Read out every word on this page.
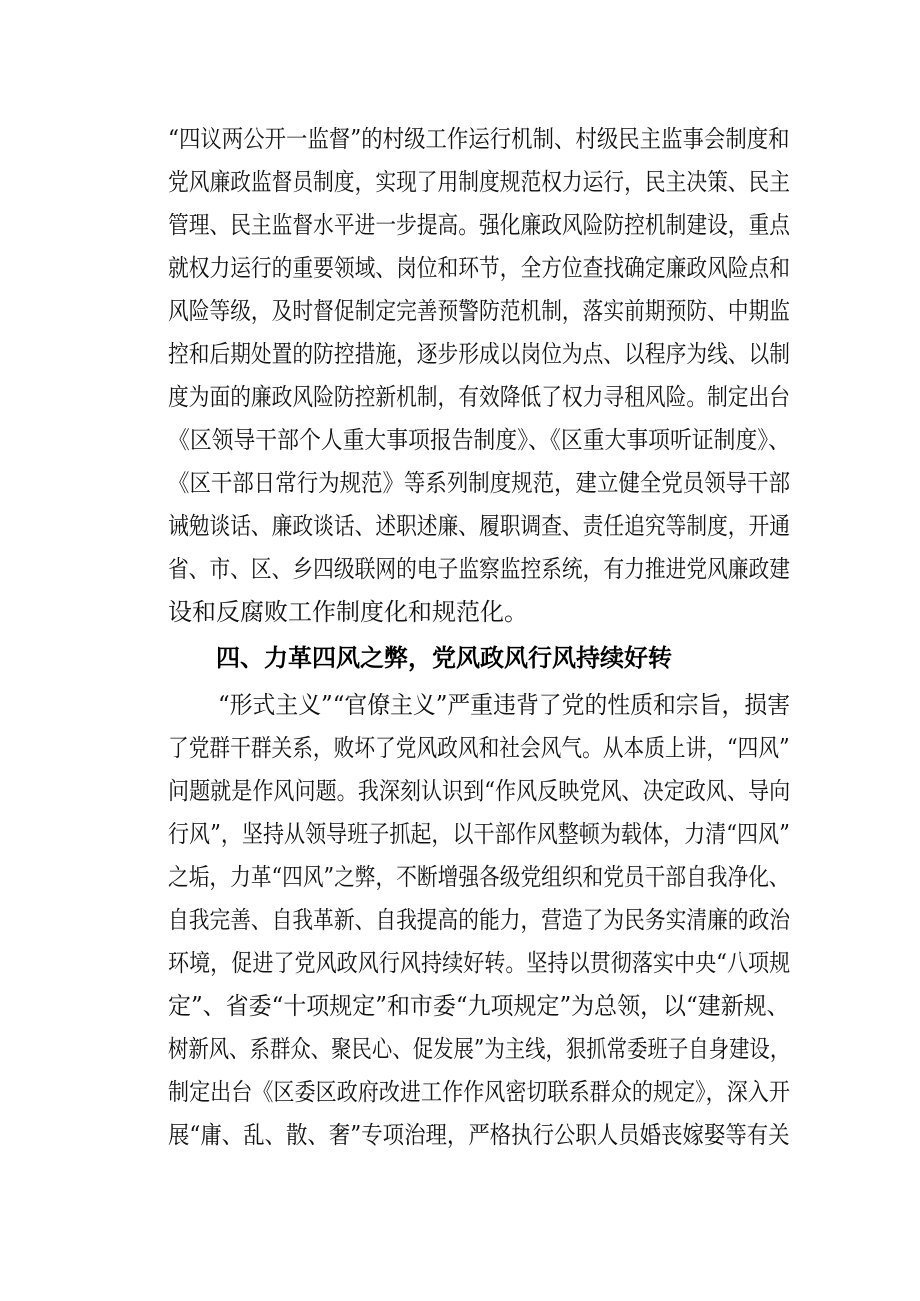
“四议两公开一监督”的村级工作运行机制、村级民主监事会制度和
党风廉政监督员制度，实现了用制度规范权力运行，民主决策、民主
管理、民主监督水平进一步提高。强化廉政风险防控机制建设，重点
就权力运行的重要领域、岗位和环节，全方位查找确定廉政风险点和
风险等级，及时督促制定完善预警防范机制，落实前期预防、中期监
控和后期处置的防控措施，逐步形成以岗位为点、以程序为线、以制
度为面的廉政风险防控新机制，有效降低了权力寻租风险。制定出台
《区领导干部个人重大事项报告制度》、《区重大事项听证制度》、
《区干部日常行为规范》等系列制度规范，建立健全党员领导干部
诫勉谈话、廉政谈话、述职述廉、履职调查、责任追究等制度，开通
省、市、区、乡四级联网的电子监察监控系统，有力推进党风廉政建
设和反腐败工作制度化和规范化。
四、力革四风之弊，党风政风行风持续好转
“形式主义”“官僚主义”严重违背了党的性质和宗旨，损害
了党群干群关系，败坏了党风政风和社会风气。从本质上讲，“四风”
问题就是作风问题。我深刻认识到“作风反映党风、决定政风、导向
行风”，坚持从领导班子抓起，以干部作风整顿为载体，力清“四风”
之垢，力革“四风”之弊，不断增强各级党组织和党员干部自我净化、
自我完善、自我革新、自我提高的能力，营造了为民务实清廉的政治
环境，促进了党风政风行风持续好转。坚持以贯彻落实中央“八项规
定”、省委“十项规定”和市委“九项规定”为总领，以“建新规、
树新风、系群众、聚民心、促发展”为主线，狠抓常委班子自身建设，
制定出台《区委区政府改进工作作风密切联系群众的规定》，深入开
展“庸、乱、散、奢”专项治理，严格执行公职人员婚丧嫁娶等有关
